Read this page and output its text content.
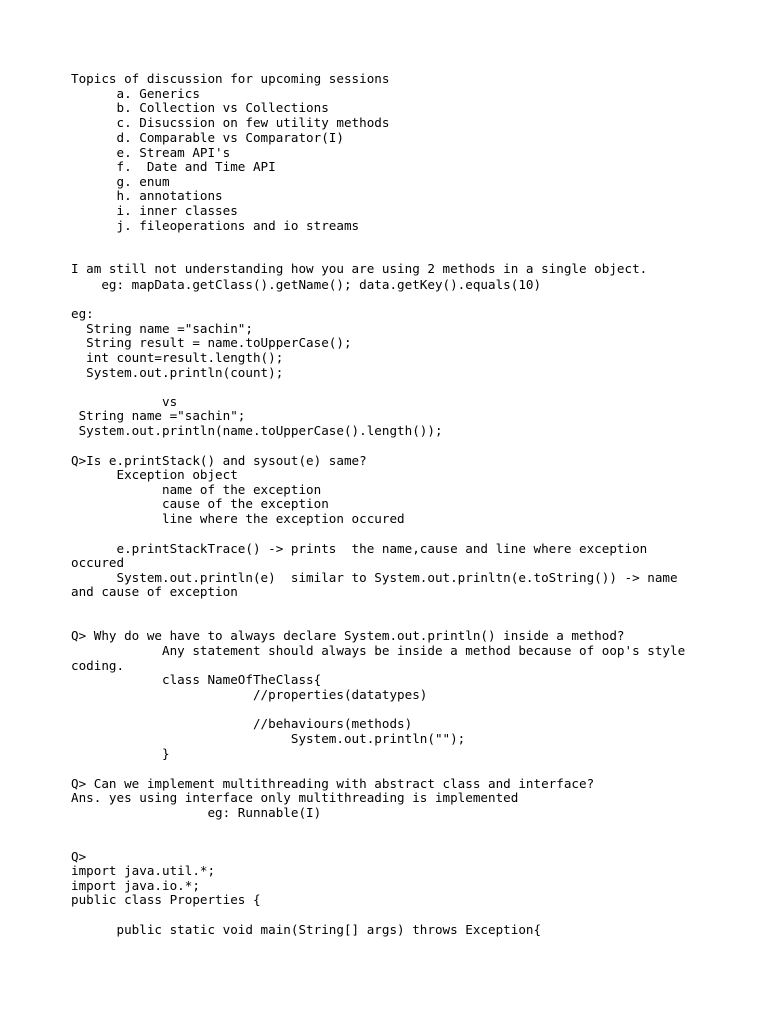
Topics of discussion for upcoming sessions
a. Generics
b. Collection vs Collections
c. Disucssion on few utility methods
d. Comparable vs Comparator(I)
e. Stream API's
f.  Date and Time API
g. enum
h. annotations
i. inner classes
j. fileoperations and io streams
I am still not understanding how you are using 2 methods in a single object.
eg: mapData.getClass().getName(); data.getKey().equals(10)
eg:
String name ="sachin";
String result = name.toUpperCase();
int count=result.length();
System.out.println(count);
vs
String name ="sachin";
System.out.println(name.toUpperCase().length());
Q>Is e.printStack() and sysout(e) same?
Exception object
name of the exception
cause of the exception
line where the exception occured
e.printStackTrace() -> prints  the name,cause and line where exception
occured
System.out.println(e)  similar to System.out.prinltn(e.toString()) -> name
and cause of exception
Q> Why do we have to always declare System.out.println() inside a method?
Any statement should always be inside a method because of oop's style
coding.
class NameOfTheClass{
//properties(datatypes)
//behaviours(methods)
System.out.println("");
}
Q> Can we implement multithreading with abstract class and interface?
Ans. yes using interface only multithreading is implemented
eg: Runnable(I)
Q>
import java.util.*;
import java.io.*;
public class Properties {
public static void main(String[] args) throws Exception{
